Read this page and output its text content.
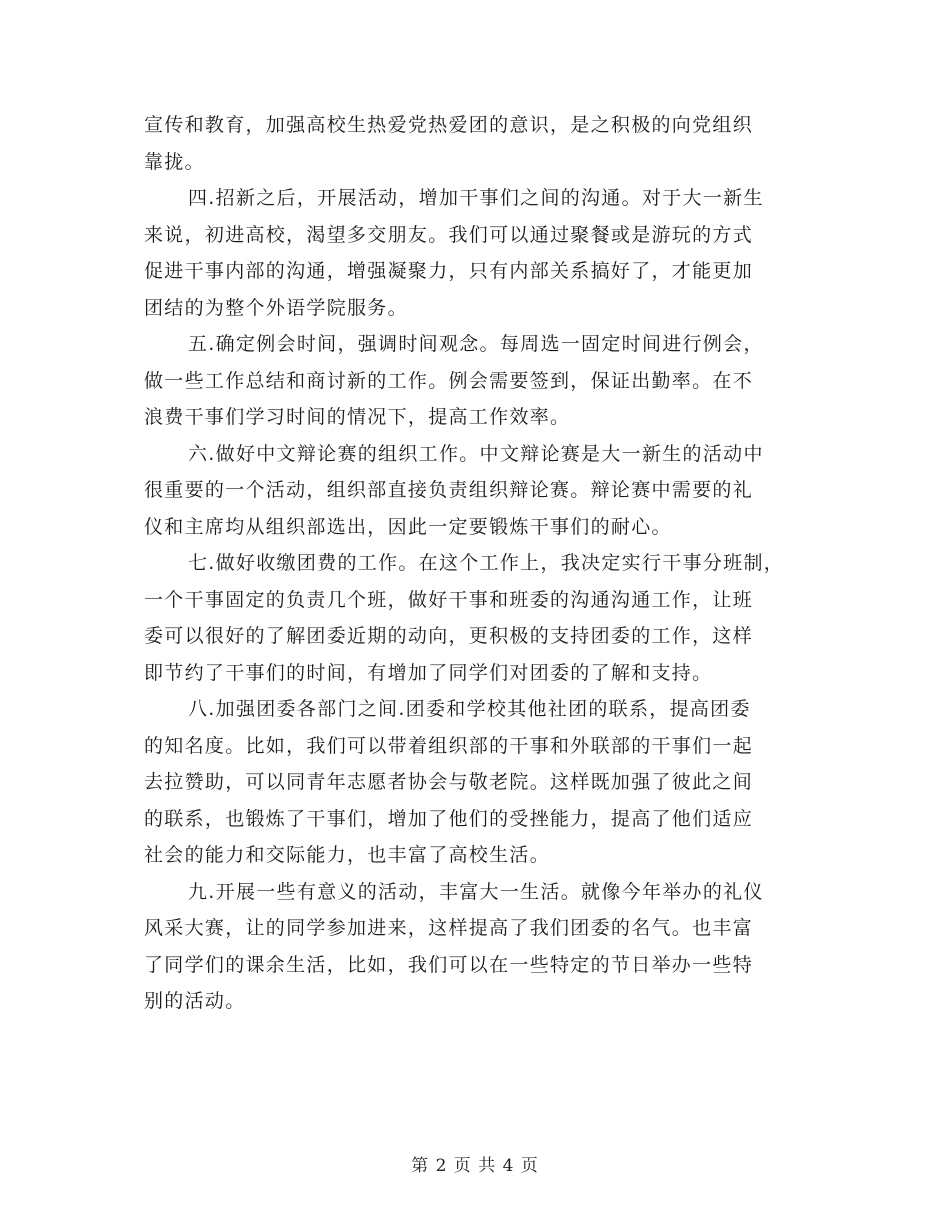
宣传和教育，加强高校生热爱党热爱团的意识，是之积极的向党组织
靠拢。
四.招新之后，开展活动，增加干事们之间的沟通。对于大一新生
来说，初进高校，渴望多交朋友。我们可以通过聚餐或是游玩的方式
促进干事内部的沟通，增强凝聚力，只有内部关系搞好了，才能更加
团结的为整个外语学院服务。
五.确定例会时间，强调时间观念。每周选一固定时间进行例会，
做一些工作总结和商讨新的工作。例会需要签到，保证出勤率。在不
浪费干事们学习时间的情况下，提高工作效率。
六.做好中文辩论赛的组织工作。中文辩论赛是大一新生的活动中
很重要的一个活动，组织部直接负责组织辩论赛。辩论赛中需要的礼
仪和主席均从组织部选出，因此一定要锻炼干事们的耐心。
七.做好收缴团费的工作。在这个工作上，我决定实行干事分班制，
一个干事固定的负责几个班，做好干事和班委的沟通沟通工作，让班
委可以很好的了解团委近期的动向，更积极的支持团委的工作，这样
即节约了干事们的时间，有增加了同学们对团委的了解和支持。
八.加强团委各部门之间.团委和学校其他社团的联系，提高团委
的知名度。比如，我们可以带着组织部的干事和外联部的干事们一起
去拉赞助，可以同青年志愿者协会与敬老院。这样既加强了彼此之间
的联系，也锻炼了干事们，增加了他们的受挫能力，提高了他们适应
社会的能力和交际能力，也丰富了高校生活。
九.开展一些有意义的活动，丰富大一生活。就像今年举办的礼仪
风采大赛，让的同学参加进来，这样提高了我们团委的名气。也丰富
了同学们的课余生活，比如，我们可以在一些特定的节日举办一些特
别的活动。
第 2 页 共 4 页
